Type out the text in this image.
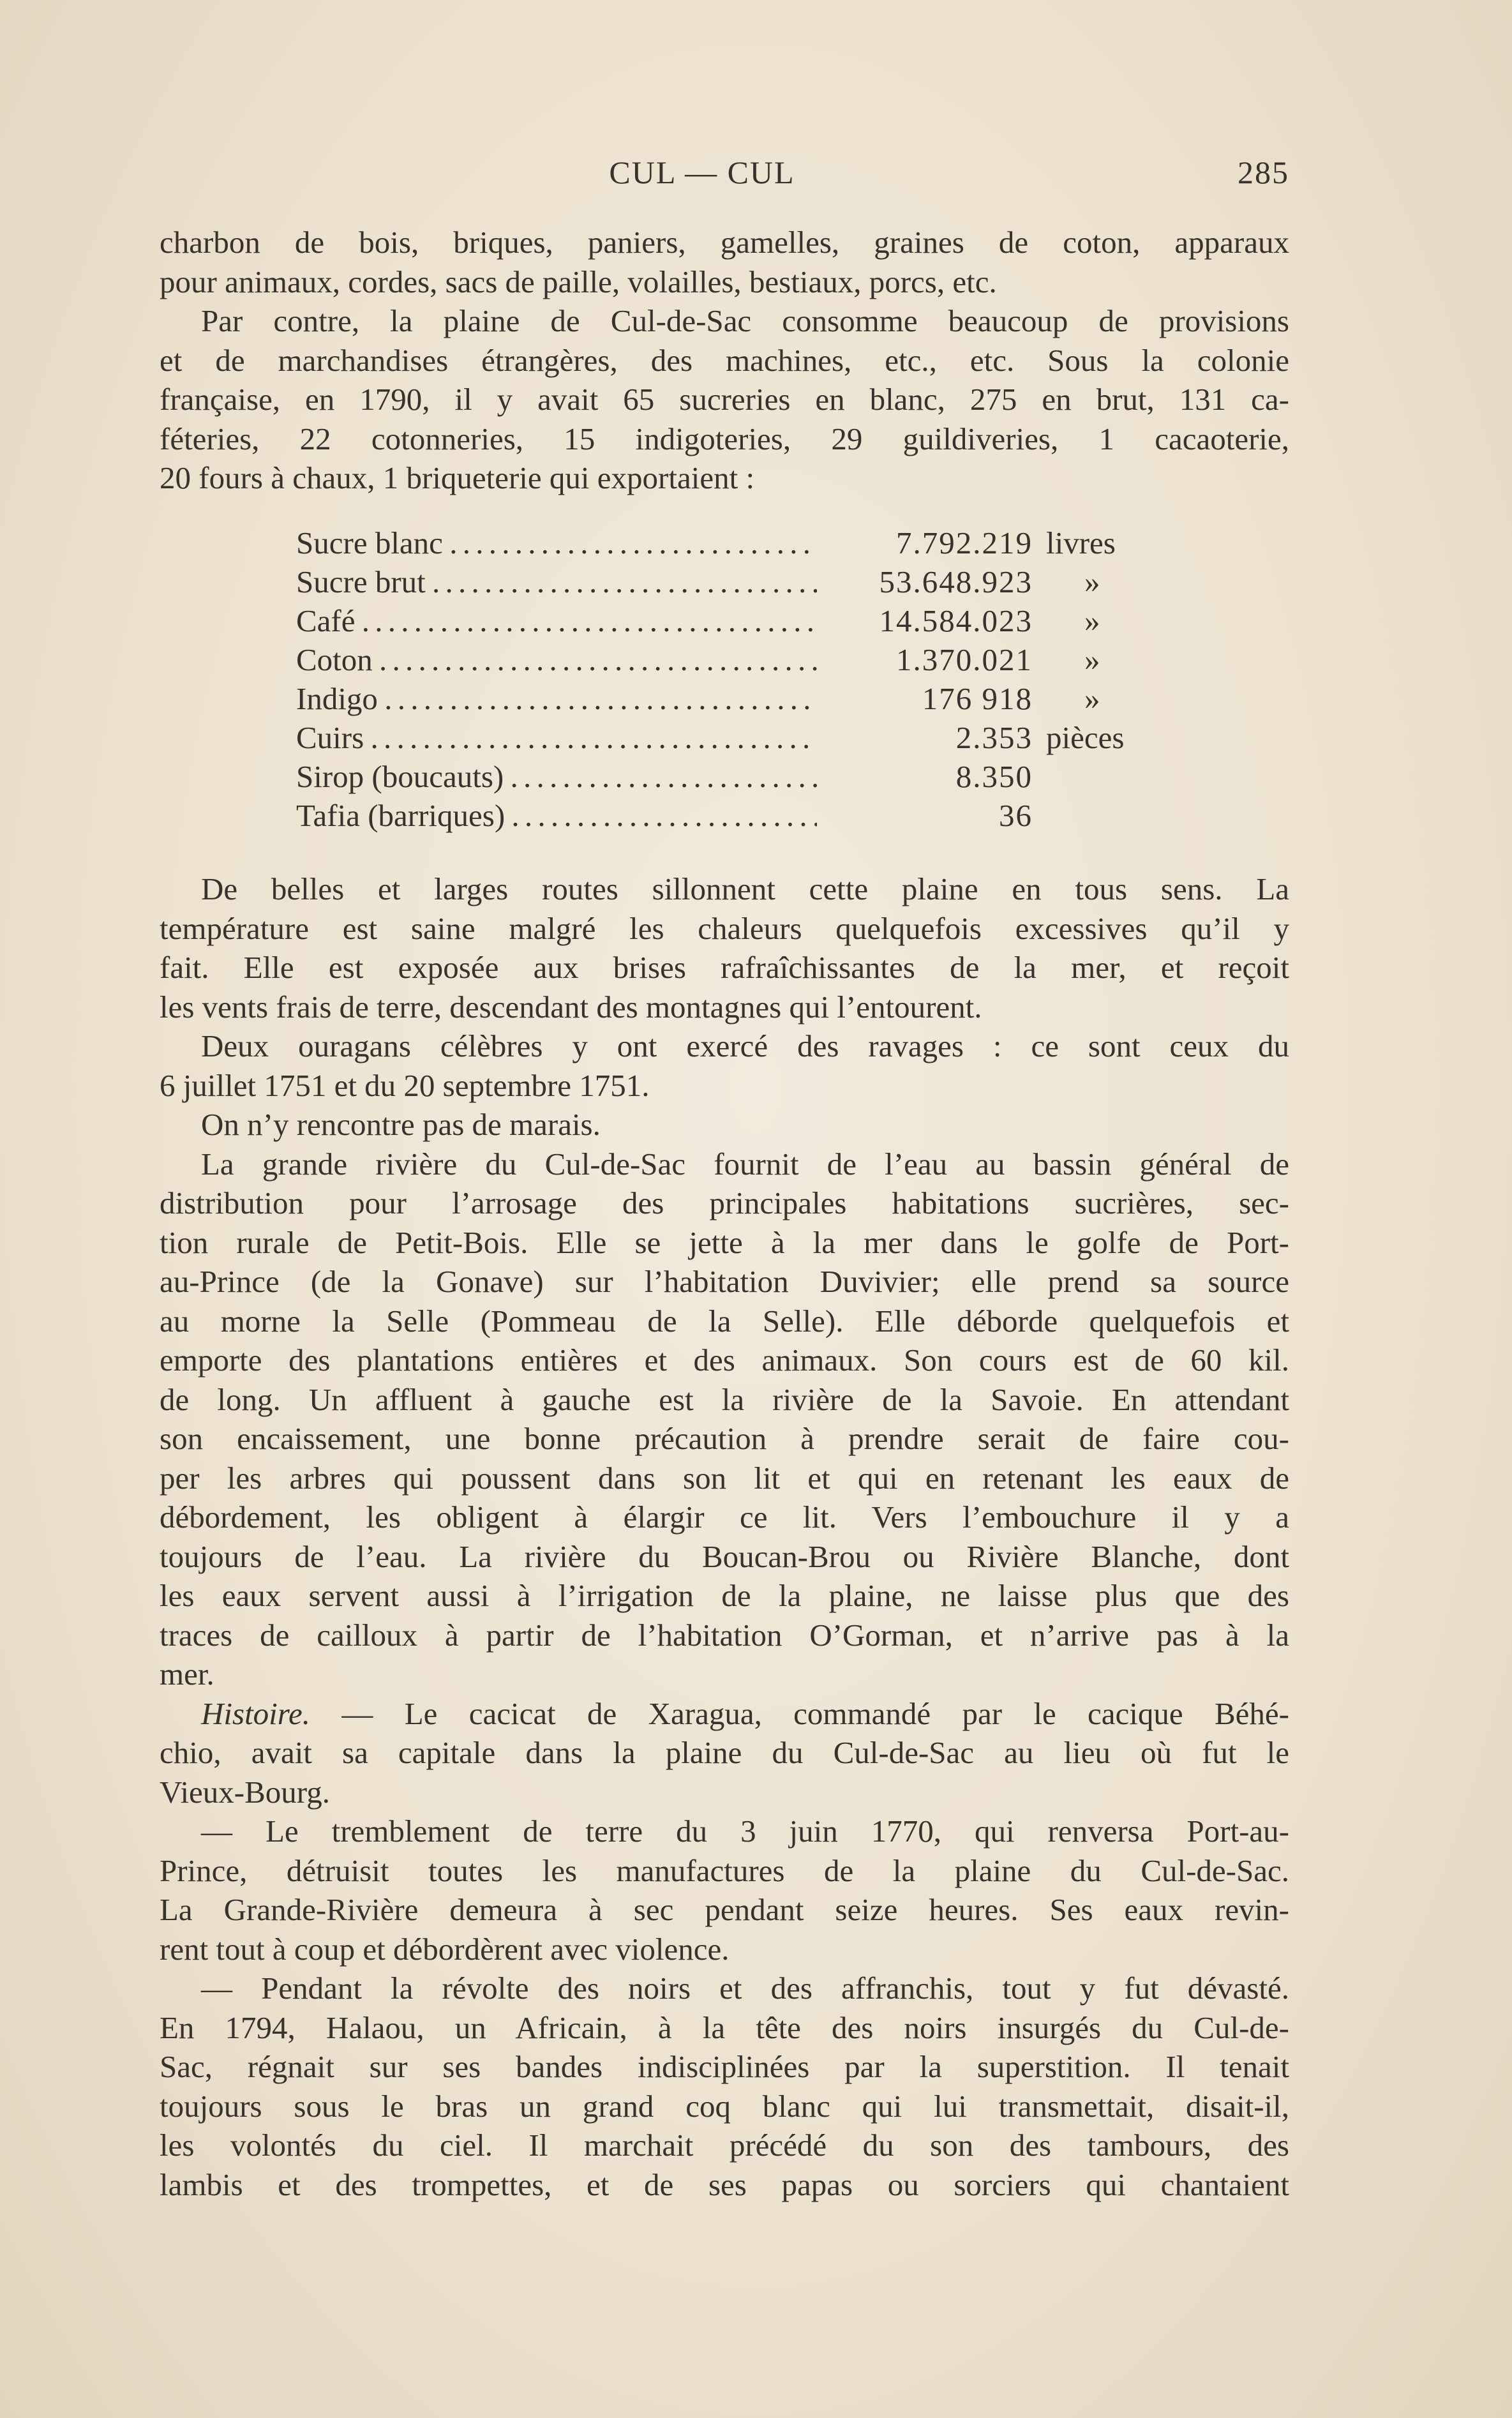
CUL — CUL	285
charbon de bois, briques, paniers, gamelles, graines de coton, apparaux
pour animaux, cordes, sacs de paille, volailles, bestiaux, porcs, etc.
Par contre, la plaine de Cul-de-Sac consomme beaucoup de provisions
et de marchandises étrangères, des machines, etc., etc. Sous la colonie
française, en 1790, il y avait 65 sucreries en blanc, 275 en brut, 131 ca-
féteries, 22 cotonneries, 15 indigoteries, 29 guildiveries, 1 cacaoterie,
20 fours à chaux, 1 briqueterie qui exportaient :
Sucre blanc . . .	7.792.219 livres
Sucre brut . . .	53.648.923 »
Café . . .	14.584.023 »
Coton . . .	1.370.021 »
Indigo . . .	176 918 »
Cuirs . . .	2.353 pièces
Sirop (boucauts) . . .	8.350
Tafia (barriques) . . .	36
De belles et larges routes sillonnent cette plaine en tous sens. La
température est saine malgré les chaleurs quelquefois excessives qu’il y
fait. Elle est exposée aux brises rafraîchissantes de la mer, et reçoit
les vents frais de terre, descendant des montagnes qui l’entourent.
Deux ouragans célèbres y ont exercé des ravages : ce sont ceux du
6 juillet 1751 et du 20 septembre 1751.
On n’y rencontre pas de marais.
La grande rivière du Cul-de-Sac fournit de l’eau au bassin général de
distribution pour l’arrosage des principales habitations sucrières, sec-
tion rurale de Petit-Bois. Elle se jette à la mer dans le golfe de Port-
au-Prince (de la Gonave) sur l’habitation Duvivier; elle prend sa source
au morne la Selle (Pommeau de la Selle). Elle déborde quelquefois et
emporte des plantations entières et des animaux. Son cours est de 60 kil.
de long. Un affluent à gauche est la rivière de la Savoie. En attendant
son encaissement, une bonne précaution à prendre serait de faire cou-
per les arbres qui poussent dans son lit et qui en retenant les eaux de
débordement, les obligent à élargir ce lit. Vers l’embouchure il y a
toujours de l’eau. La rivière du Boucan-Brou ou Rivière Blanche, dont
les eaux servent aussi à l’irrigation de la plaine, ne laisse plus que des
traces de cailloux à partir de l’habitation O’Gorman, et n’arrive pas à la
mer.
Histoire. — Le cacicat de Xaragua, commandé par le cacique Béhé-
chio, avait sa capitale dans la plaine du Cul-de-Sac au lieu où fut le
Vieux-Bourg.
— Le tremblement de terre du 3 juin 1770, qui renversa Port-au-
Prince, détruisit toutes les manufactures de la plaine du Cul-de-Sac.
La Grande-Rivière demeura à sec pendant seize heures. Ses eaux revin-
rent tout à coup et débordèrent avec violence.
— Pendant la révolte des noirs et des affranchis, tout y fut dévasté.
En 1794, Halaou, un Africain, à la tête des noirs insurgés du Cul-de-
Sac, régnait sur ses bandes indisciplinées par la superstition. Il tenait
toujours sous le bras un grand coq blanc qui lui transmettait, disait-il,
les volontés du ciel. Il marchait précédé du son des tambours, des
lambis et des trompettes, et de ses papas ou sorciers qui chantaient
